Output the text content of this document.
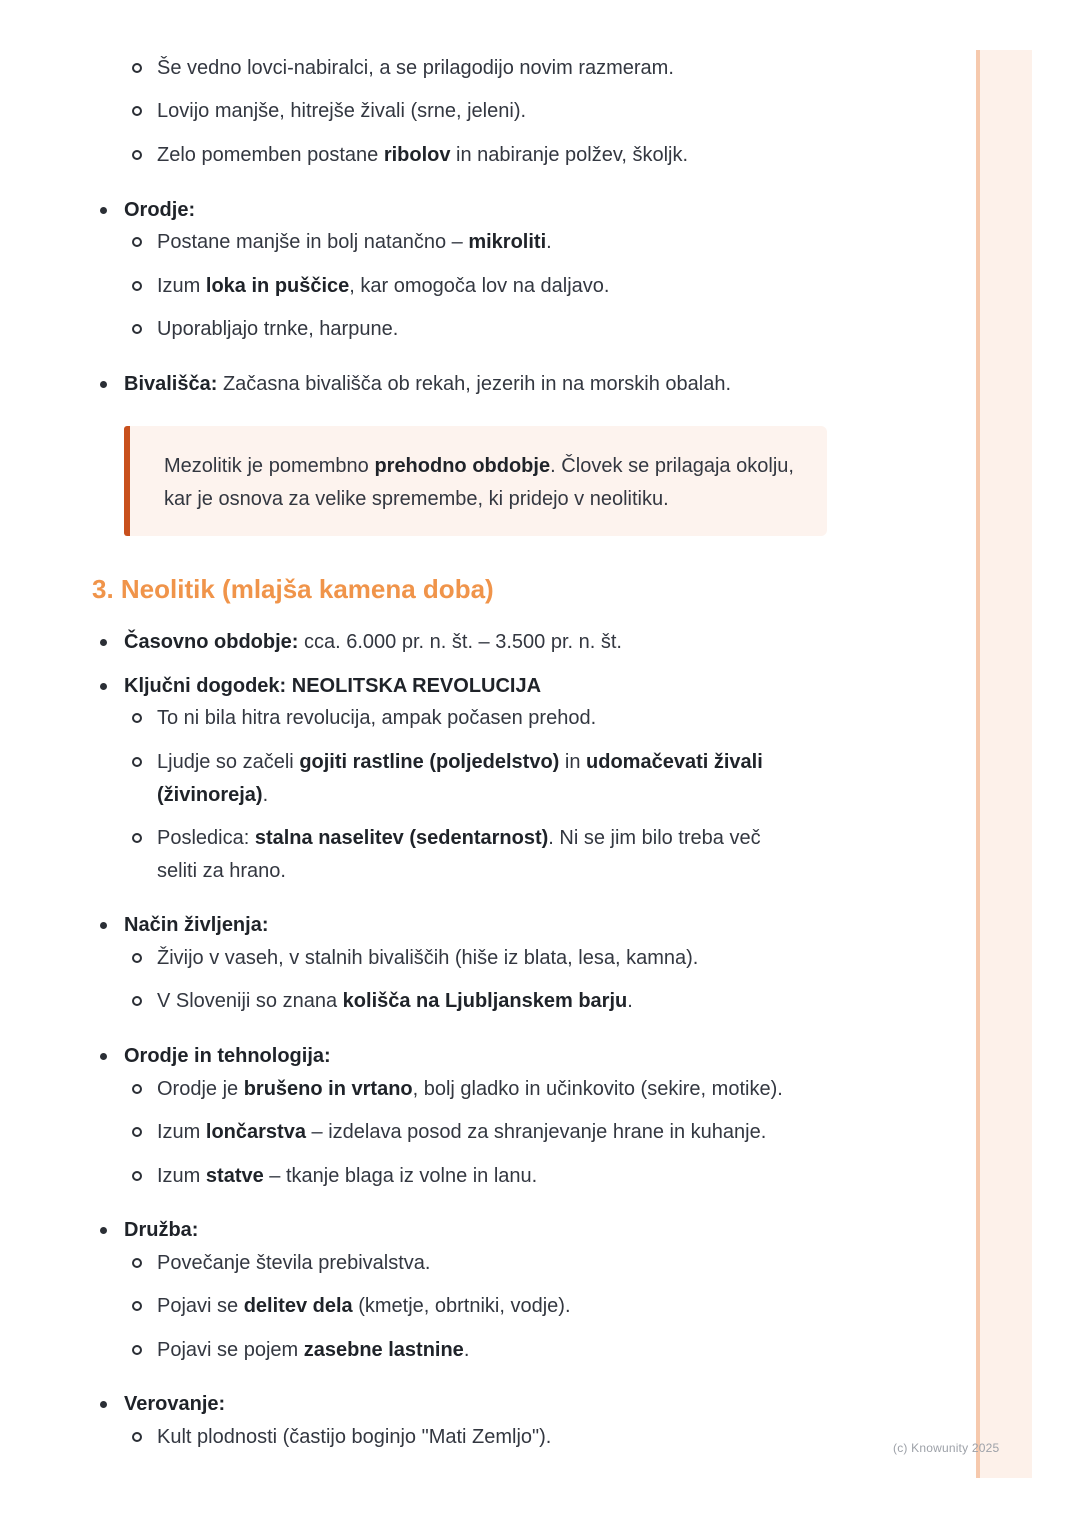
Še vedno lovci-nabiralci, a se prilagodijo novim razmeram.
Lovijo manjše, hitrejše živali (srne, jeleni).
Zelo pomemben postane ribolov in nabiranje polžev, školjk.
Orodje:
Postane manjše in bolj natančno – mikroliti.
Izum loka in puščice, kar omogoča lov na daljavo.
Uporabljajo trnke, harpune.
Bivališča: Začasna bivališča ob rekah, jezerih in na morskih obalah.
Mezolitik je pomembno prehodno obdobje. Človek se prilagaja okolju, kar je osnova za velike spremembe, ki pridejo v neolitiku.
3. Neolitik (mlajša kamena doba)
Časovno obdobje: cca. 6.000 pr. n. št. – 3.500 pr. n. št.
Ključni dogodek: NEOLITSKA REVOLUCIJA
To ni bila hitra revolucija, ampak počasen prehod.
Ljudje so začeli gojiti rastline (poljedelstvo) in udomačevati živali
(živinoreja).
Posledica: stalna naselitev (sedentarnost). Ni se jim bilo treba več
seliti za hrano.
Način življenja:
Živijo v vaseh, v stalnih bivališčih (hiše iz blata, lesa, kamna).
V Sloveniji so znana kolišča na Ljubljanskem barju.
Orodje in tehnologija:
Orodje je brušeno in vrtano, bolj gladko in učinkovito (sekire, motike).
Izum lončarstva – izdelava posod za shranjevanje hrane in kuhanje.
Izum statve – tkanje blaga iz volne in lanu.
Družba:
Povečanje števila prebivalstva.
Pojavi se delitev dela (kmetje, obrtniki, vodje).
Pojavi se pojem zasebne lastnine.
Verovanje:
Kult plodnosti (častijo boginjo "Mati Zemljo").	(c) Knowunity 2025
